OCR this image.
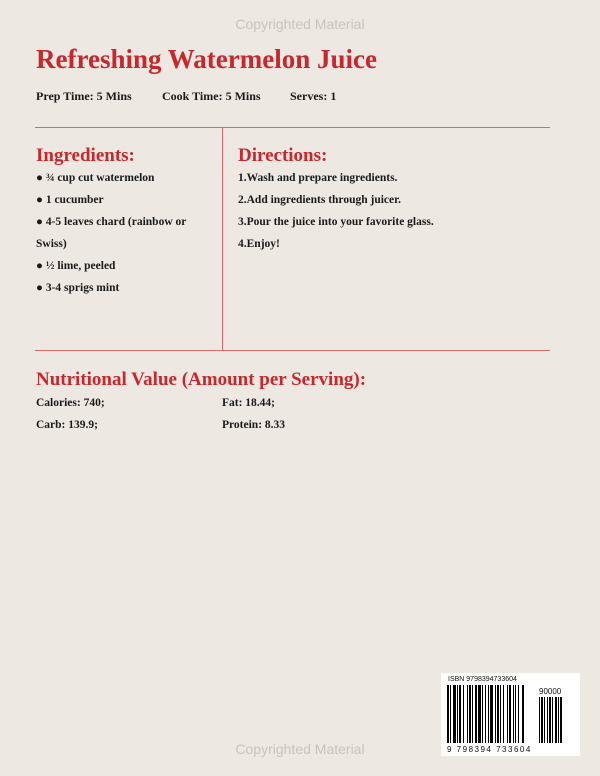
Copyrighted Material
Refreshing Watermelon Juice
Prep Time: 5 Mins	Cook Time: 5 Mins Serves: 1
Ingredients:
● ¾ cup cut watermelon
● 1 cucumber
● 4-5 leaves chard (rainbow or
Swiss)
● ½ lime, peeled
● 3-4 sprigs mint
Directions:
1.Wash and prepare ingredients.
2.Add ingredients through juicer.
3.Pour the juice into your favorite glass.
4.Enjoy!
Nutritional Value (Amount per Serving):
Calories: 740;	Fat: 18.44;
Carb: 139.9;	Protein: 8.33
ISBN 9798394733604
90000
9 798394 733604
Copyrighted Material
